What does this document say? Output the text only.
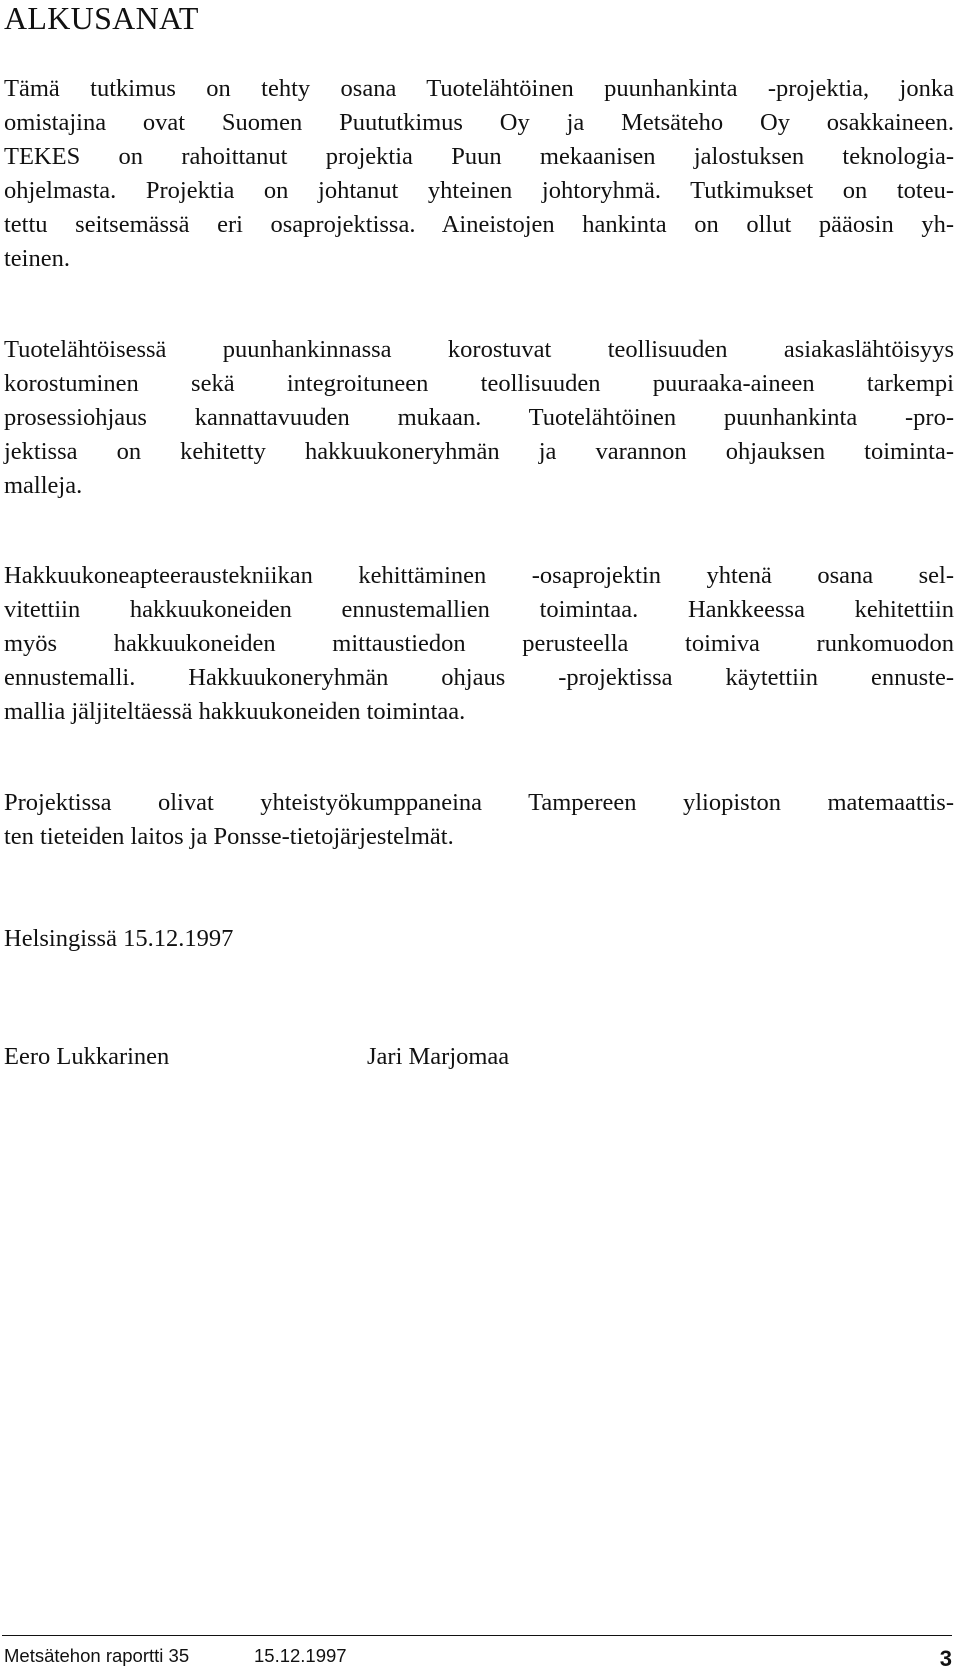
ALKUSANAT
Tämä tutkimus on tehty osana Tuotelähtöinen puunhankinta -projektia, jonka
omistajina ovat Suomen Puututkimus Oy ja Metsäteho Oy osakkaineen.
TEKES on rahoittanut projektia Puun mekaanisen jalostuksen teknologia-
ohjelmasta. Projektia on johtanut yhteinen johtoryhmä. Tutkimukset on toteu-
tettu seitsemässä eri osaprojektissa. Aineistojen hankinta on ollut pääosin yh-
teinen.
Tuotelähtöisessä puunhankinnassa korostuvat teollisuuden asiakaslähtöisyys
korostuminen sekä integroituneen teollisuuden puuraaka-aineen tarkempi
prosessiohjaus kannattavuuden mukaan. Tuotelähtöinen puunhankinta -pro-
jektissa on kehitetty hakkuukoneryhmän ja varannon ohjauksen toiminta-
malleja.
Hakkuukoneapteeraustekniikan kehittäminen -osaprojektin yhtenä osana sel-
vitettiin hakkuukoneiden ennustemallien toimintaa. Hankkeessa kehitettiin
myös hakkuukoneiden mittaustiedon perusteella toimiva runkomuodon
ennustemalli. Hakkuukoneryhmän ohjaus -projektissa käytettiin ennuste-
mallia jäljiteltäessä hakkuukoneiden toimintaa.
Projektissa olivat yhteistyökumppaneina Tampereen yliopiston matemaattis-
ten tieteiden laitos ja Ponsse-tietojärjestelmät.
Helsingissä 15.12.1997
Eero Lukkarinen	Jari Marjomaa
Metsätehon raportti 35	15.12.1997	3
